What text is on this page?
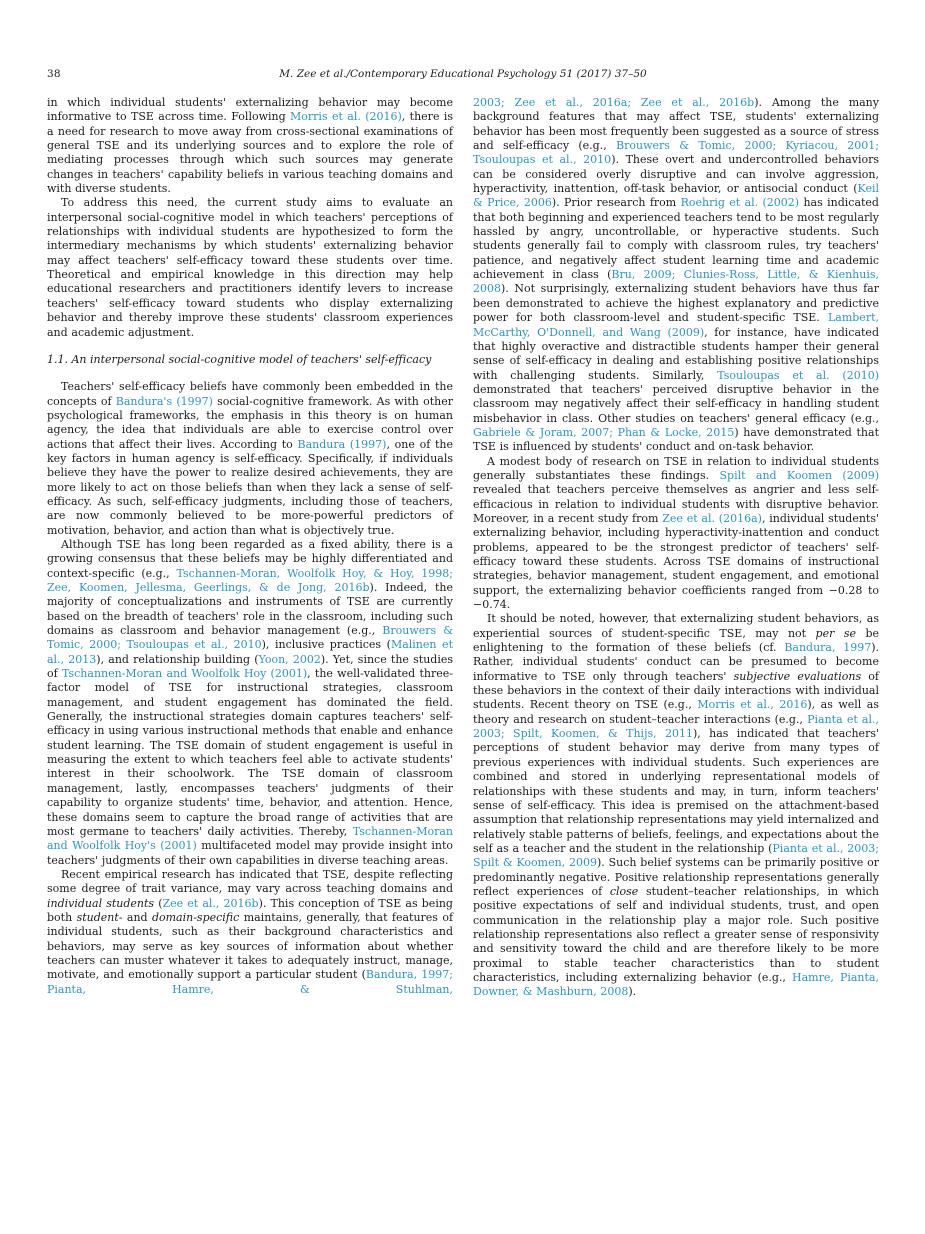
38	M. Zee et al./Contemporary Educational Psychology 51 (2017) 37–50

in which individual students' externalizing behavior may become informative to TSE across time. Following Morris et al. (2016), there is a need for research to move away from cross-sectional examinations of general TSE and its underlying sources and to explore the role of mediating processes through which such sources may generate changes in teachers' capability beliefs in various teaching domains and with diverse students.

To address this need, the current study aims to evaluate an interpersonal social-cognitive model in which teachers' perceptions of relationships with individual students are hypothesized to form the intermediary mechanisms by which students' externalizing behavior may affect teachers' self-efficacy toward these students over time. Theoretical and empirical knowledge in this direction may help educational researchers and practitioners identify levers to increase teachers' self-efficacy toward students who display externalizing behavior and thereby improve these students' classroom experiences and academic adjustment.

1.1. An interpersonal social-cognitive model of teachers' self-efficacy

Teachers' self-efficacy beliefs have commonly been embedded in the concepts of Bandura's (1997) social-cognitive framework. As with other psychological frameworks, the emphasis in this theory is on human agency, the idea that individuals are able to exercise control over actions that affect their lives. According to Bandura (1997), one of the key factors in human agency is self-efficacy. Specifically, if individuals believe they have the power to realize desired achievements, they are more likely to act on those beliefs than when they lack a sense of self-efficacy. As such, self-efficacy judgments, including those of teachers, are now commonly believed to be more-powerful predictors of motivation, behavior, and action than what is objectively true.

Although TSE has long been regarded as a fixed ability, there is a growing consensus that these beliefs may be highly differentiated and context-specific (e.g., Tschannen-Moran, Woolfolk Hoy, & Hoy, 1998; Zee, Koomen, Jellesma, Geerlings, & de Jong, 2016b). Indeed, the majority of conceptualizations and instruments of TSE are currently based on the breadth of teachers' role in the classroom, including such domains as classroom and behavior management (e.g., Brouwers & Tomic, 2000; Tsouloupas et al., 2010), inclusive practices (Malinen et al., 2013), and relationship building (Yoon, 2002). Yet, since the studies of Tschannen-Moran and Woolfolk Hoy (2001), the well-validated three-factor model of TSE for instructional strategies, classroom management, and student engagement has dominated the field. Generally, the instructional strategies domain captures teachers' self-efficacy in using various instructional methods that enable and enhance student learning. The TSE domain of student engagement is useful in measuring the extent to which teachers feel able to activate students' interest in their schoolwork. The TSE domain of classroom management, lastly, encompasses teachers' judgments of their capability to organize students' time, behavior, and attention. Hence, these domains seem to capture the broad range of activities that are most germane to teachers' daily activities. Thereby, Tschannen-Moran and Woolfolk Hoy's (2001) multifaceted model may provide insight into teachers' judgments of their own capabilities in diverse teaching areas.

Recent empirical research has indicated that TSE, despite reflecting some degree of trait variance, may vary across teaching domains and individual students (Zee et al., 2016b). This conception of TSE as being both student- and domain-specific maintains, generally, that features of individual students, such as their background characteristics and behaviors, may serve as key sources of information about whether teachers can muster whatever it takes to adequately instruct, manage, motivate, and emotionally support a particular student (Bandura, 1997; Pianta, Hamre, & Stuhlman,

2003; Zee et al., 2016a; Zee et al., 2016b). Among the many background features that may affect TSE, students' externalizing behavior has been most frequently been suggested as a source of stress and self-efficacy (e.g., Brouwers & Tomic, 2000; Kyriacou, 2001; Tsouloupas et al., 2010). These overt and undercontrolled behaviors can be considered overly disruptive and can involve aggression, hyperactivity, inattention, off-task behavior, or antisocial conduct (Keil & Price, 2006). Prior research from Roehrig et al. (2002) has indicated that both beginning and experienced teachers tend to be most regularly hassled by angry, uncontrollable, or hyperactive students. Such students generally fail to comply with classroom rules, try teachers' patience, and negatively affect student learning time and academic achievement in class (Bru, 2009; Clunies-Ross, Little, & Kienhuis, 2008). Not surprisingly, externalizing student behaviors have thus far been demonstrated to achieve the highest explanatory and predictive power for both classroom-level and student-specific TSE. Lambert, McCarthy, O'Donnell, and Wang (2009), for instance, have indicated that highly overactive and distractible students hamper their general sense of self-efficacy in dealing and establishing positive relationships with challenging students. Similarly, Tsouloupas et al. (2010) demonstrated that teachers' perceived disruptive behavior in the classroom may negatively affect their self-efficacy in handling student misbehavior in class. Other studies on teachers' general efficacy (e.g., Gabriele & Joram, 2007; Phan & Locke, 2015) have demonstrated that TSE is influenced by students' conduct and on-task behavior.

A modest body of research on TSE in relation to individual students generally substantiates these findings. Spilt and Koomen (2009) revealed that teachers perceive themselves as angrier and less self-efficacious in relation to individual students with disruptive behavior. Moreover, in a recent study from Zee et al. (2016a), individual students' externalizing behavior, including hyperactivity-inattention and conduct problems, appeared to be the strongest predictor of teachers' self-efficacy toward these students. Across TSE domains of instructional strategies, behavior management, student engagement, and emotional support, the externalizing behavior coefficients ranged from −0.28 to −0.74.

It should be noted, however, that externalizing student behaviors, as experiential sources of student-specific TSE, may not per se be enlightening to the formation of these beliefs (cf. Bandura, 1997). Rather, individual students' conduct can be presumed to become informative to TSE only through teachers' subjective evaluations of these behaviors in the context of their daily interactions with individual students. Recent theory on TSE (e.g., Morris et al., 2016), as well as theory and research on student–teacher interactions (e.g., Pianta et al., 2003; Spilt, Koomen, & Thijs, 2011), has indicated that teachers' perceptions of student behavior may derive from many types of previous experiences with individual students. Such experiences are combined and stored in underlying representational models of relationships with these students and may, in turn, inform teachers' sense of self-efficacy. This idea is premised on the attachment-based assumption that relationship representations may yield internalized and relatively stable patterns of beliefs, feelings, and expectations about the self as a teacher and the student in the relationship (Pianta et al., 2003; Spilt & Koomen, 2009). Such belief systems can be primarily positive or predominantly negative. Positive relationship representations generally reflect experiences of close student–teacher relationships, in which positive expectations of self and individual students, trust, and open communication in the relationship play a major role. Such positive relationship representations also reflect a greater sense of responsivity and sensitivity toward the child and are therefore likely to be more proximal to stable teacher characteristics than to student characteristics, including externalizing behavior (e.g., Hamre, Pianta, Downer, & Mashburn, 2008).
